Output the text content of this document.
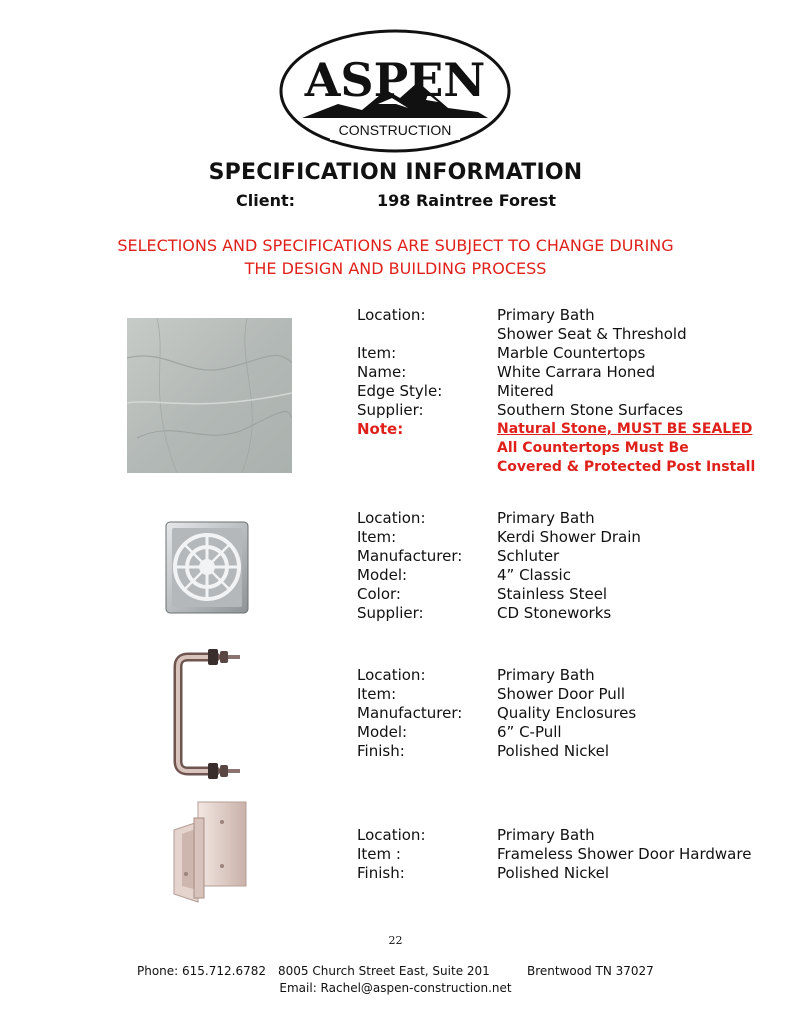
ASPEN
CONSTRUCTION
SPECIFICATION INFORMATION
Client:	198 Raintree Forest
SELECTIONS AND SPECIFICATIONS ARE SUBJECT TO CHANGE DURING
THE DESIGN AND BUILDING PROCESS
Location:	Primary Bath
Shower Seat & Threshold
Item:	Marble Countertops
Name:	White Carrara Honed
Edge Style:	Mitered
Supplier:	Southern Stone Surfaces
Note:	Natural Stone, MUST BE SEALED
All Countertops Must Be
Covered & Protected Post Install
Location:	Primary Bath
Item:	Kerdi Shower Drain
Manufacturer: Schluter
Model:	4” Classic
Color:	Stainless Steel
Supplier:	CD Stoneworks
Location:	Primary Bath
Item:	Shower Door Pull
Manufacturer: Quality Enclosures
Model:	6” C-Pull
Finish:	Polished Nickel
Location:	Primary Bath
Item :	Frameless Shower Door Hardware
Finish:	Polished Nickel
22
Phone: 615.712.6782 8005 Church Street East, Suite 201	Brentwood TN 37027
Email: Rachel@aspen-construction.net
